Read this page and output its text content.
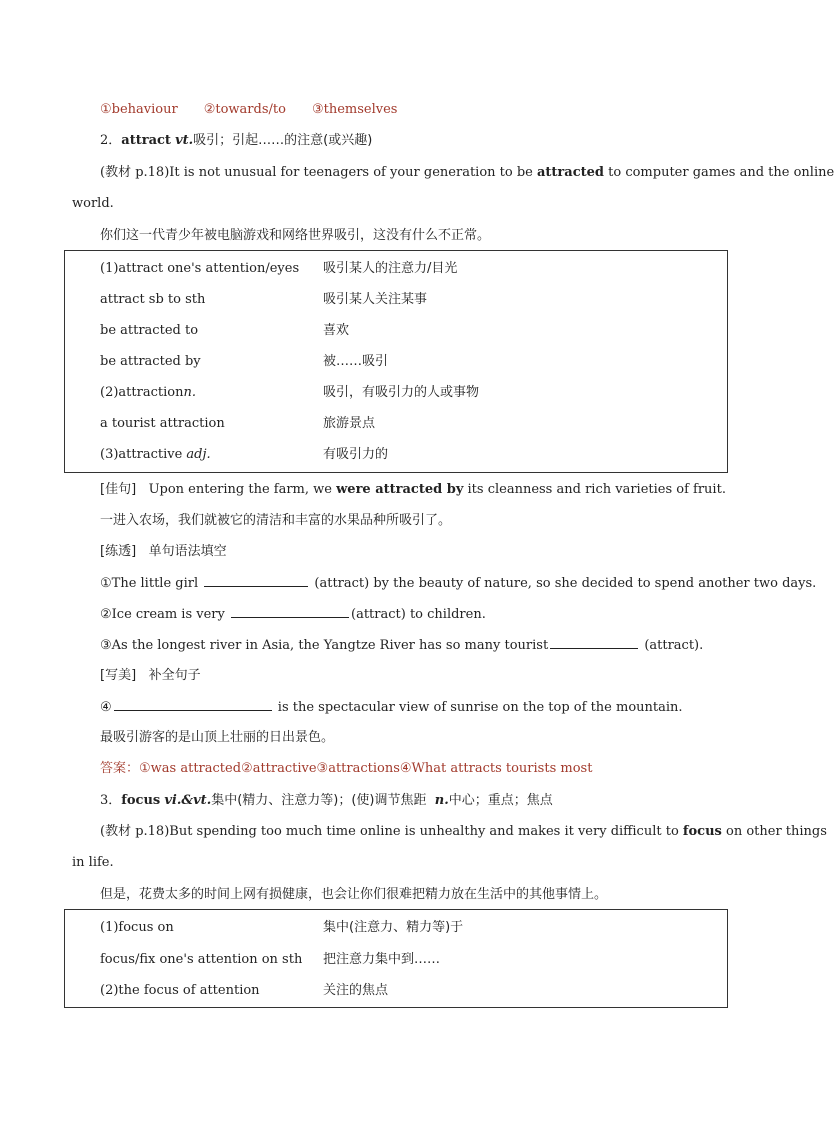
①behaviour ②towards/to ③themselves
2．attract vt.吸引；引起……的注意(或兴趣)
(教材 p.18)It is not unusual for teenagers of your generation to be attracted to computer games and the online
world.
你们这一代青少年被电脑游戏和网络世界吸引，这没有什么不正常。
(1)attract one's attention/eyes 吸引某人的注意力/目光
attract sb to sth	吸引某人关注某事
be attracted to	喜欢
be attracted by	被……吸引
(2)attractionn.	吸引，有吸引力的人或事物
a tourist attraction	旅游景点
(3)attractive adj.	有吸引力的
[佳句] Upon entering the farm, we were attracted by its cleanness and rich varieties of fruit.
一进入农场，我们就被它的清洁和丰富的水果品种所吸引了。
[练透] 单句语法填空
①The little girl	(attract) by the beauty of nature, so she decided to spend another two days.
②Ice cream is very	(attract) to children.
③As the longest river in Asia, the Yangtze River has so many tourist	(attract).
[写美] 补全句子
④	is the spectacular view of sunrise on the top of the mountain.
最吸引游客的是山顶上壮丽的日出景色。
答案：①was attracted②attractive③attractions④What attracts tourists most
3．focus vi.&vt.集中(精力、注意力等)；(使)调节焦距 n.中心；重点；焦点
(教材 p.18)But spending too much time online is unhealthy and makes it very difficult to focus on other things
in life.
但是，花费太多的时间上网有损健康，也会让你们很难把精力放在生活中的其他事情上。
(1)focus on	集中(注意力、精力等)于
focus/fix one's attention on sth 把注意力集中到……
(2)the focus of attention	关注的焦点
